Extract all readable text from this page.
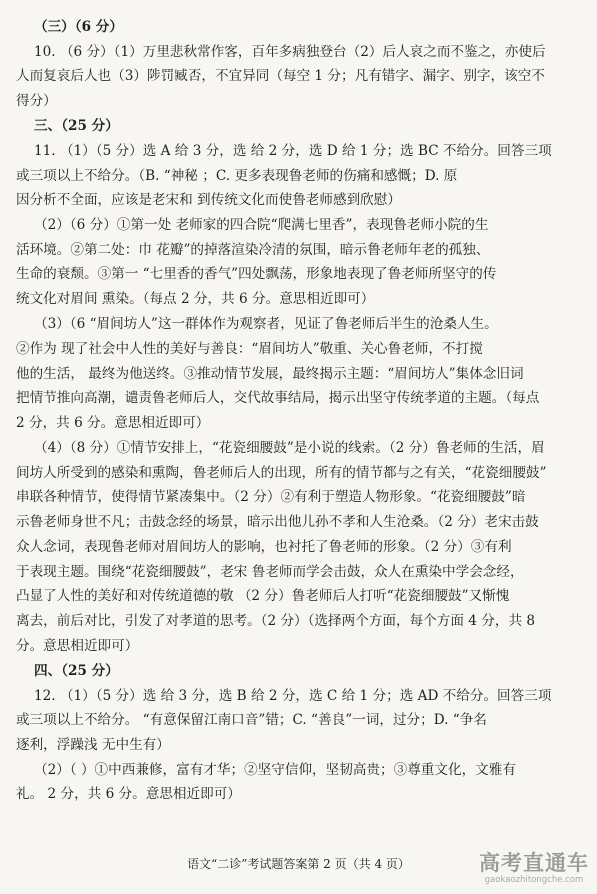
（三）（6 分）
10. （6 分）（1）万里悲秋常作客，百年多病独登台（2）后人哀之而不鉴之，亦使后
人而复哀后人也（3）陟罚臧否，不宜异同（每空 1 分；凡有错字、漏字、别字，该空不
得分）
三、（25 分）
11. （1）（5 分）选 A 给 3 分，选 给 2 分，选 D 给 1 分；选 BC 不给分。回答三项
或三项以上不给分。（B. “神秘 ；C. 更多表现鲁老师的伤痛和感慨；D. 原
因分析不全面，应该是老宋和 到传统文化而使鲁老师感到欣慰）
（2）（6 分）①第一处 老师家的四合院“爬满七里香”，表现鲁老师小院的生
活环境。②第二处：巾 花瓣”的掉落渲染冷清的氛围，暗示鲁老师年老的孤独、
生命的衰颓。③第一 “七里香的香气”四处飘荡，形象地表现了鲁老师所坚守的传
统文化对眉间 熏染。（每点 2 分，共 6 分。意思相近即可）
（3）（6 “眉间坊人”这一群体作为观察者，见证了鲁老师后半生的沧桑人生。
②作为 现了社会中人性的美好与善良：“眉间坊人”敬重、关心鲁老师，不打搅
他的生活， 最终为他送终。③推动情节发展，最终揭示主题：“眉间坊人”集体念旧词
把情节推向高潮，谴责鲁老师后人，交代故事结局，揭示出坚守传统孝道的主题。（每点
2 分，共 6 分。意思相近即可）
（4）（8 分）①情节安排上，“花瓷细腰鼓”是小说的线索。（2 分）鲁老师的生活，眉
间坊人所受到的感染和熏陶，鲁老师后人的出现，所有的情节都与之有关，“花瓷细腰鼓”
串联各种情节，使得情节紧凑集中。（2 分）②有利于塑造人物形象。“花瓷细腰鼓”暗
示鲁老师身世不凡；击鼓念经的场景，暗示出他儿孙不孝和人生沧桑。（2 分）老宋击鼓
众人念词，表现鲁老师对眉间坊人的影响，也衬托了鲁老师的形象。（2 分）③有利
于表现主题。围绕“花瓷细腰鼓”，老宋 鲁老师而学会击鼓，众人在熏染中学会念经，
凸显了人性的美好和对传统道德的敬 （2 分）鲁老师后人打听“花瓷细腰鼓”又惭愧
离去，前后对比，引发了对孝道的思考。（2 分）（选择两个方面，每个方面 4 分，共 8
分。意思相近即可）
四、（25 分）
12. （1）（5 分）选 给 3 分，选 B 给 2 分，选 C 给 1 分；选 AD 不给分。回答三项
或三项以上不给分。 “有意保留江南口音”错；C. “善良”一词，过分；D. “争名
逐利，浮躁浅 无中生有）
（2）（ ）①中西兼修，富有才华；②坚守信仰，坚韧高贵；③尊重文化，文雅有
礼。 2 分，共 6 分。意思相近即可）
语文“二诊”考试题答案第 2 页（共 4 页）	高考直通车
gaokaozhitongche.com
